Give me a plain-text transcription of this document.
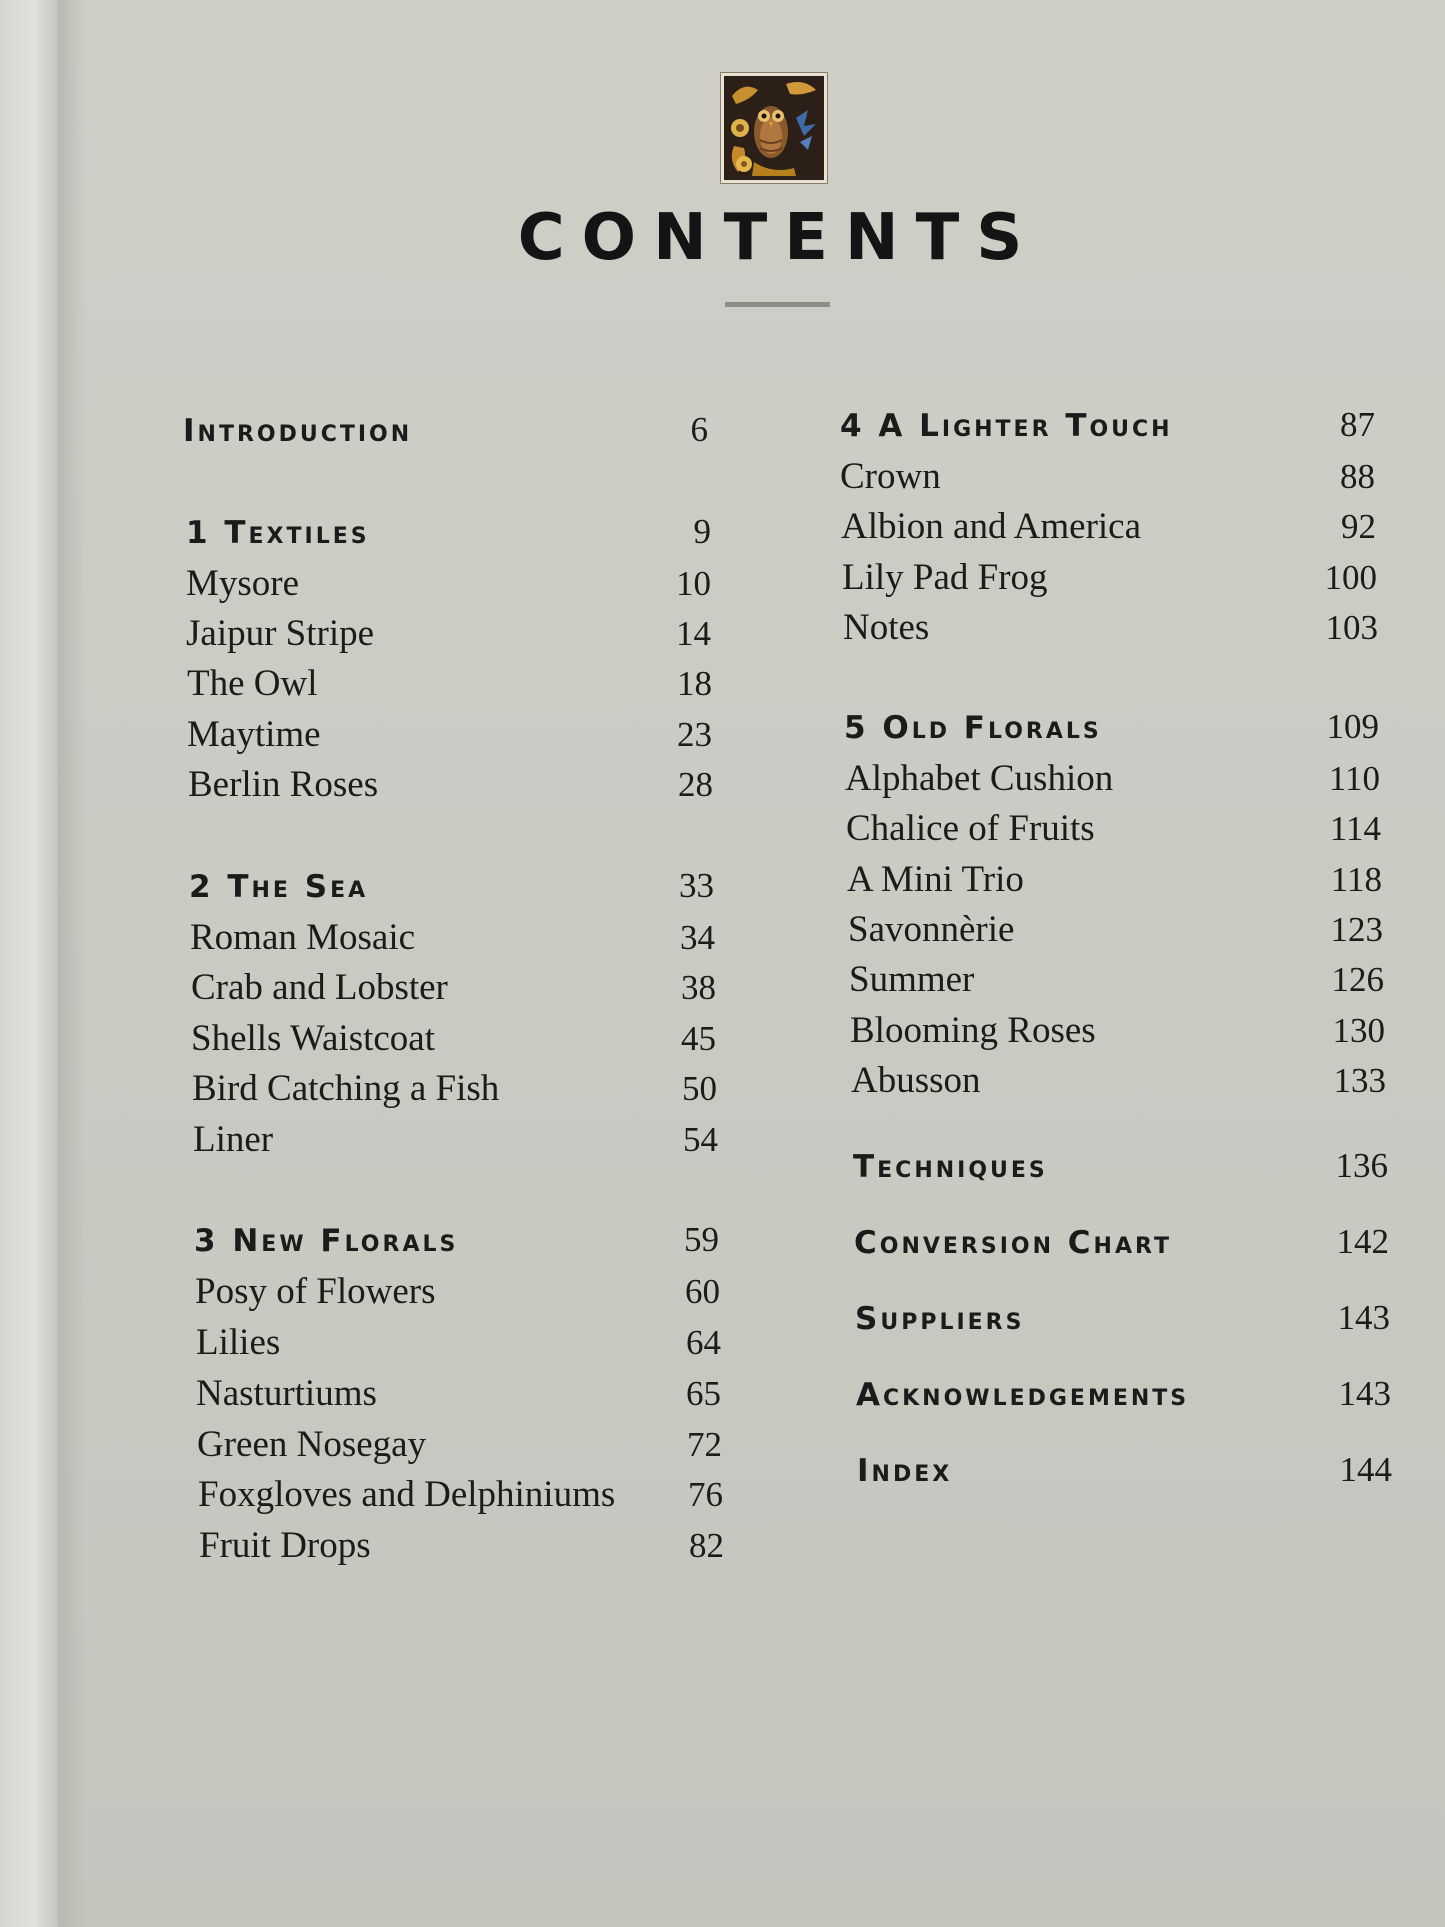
CONTENTS
Introduction	6
1 Textiles	9
Mysore	10
Jaipur Stripe	14
The Owl	18
Maytime	23
Berlin Roses	28
2 The Sea	33
Roman Mosaic	34
Crab and Lobster	38
Shells Waistcoat	45
Bird Catching a Fish	50
Liner	54
3 New Florals	59
Posy of Flowers	60
Lilies	64
Nasturtiums	65
Green Nosegay	72
Foxgloves and Delphiniums 76
Fruit Drops	82
4 A Lighter Touch	87
Crown	88
Albion and America	92
Lily Pad Frog	100
Notes	103
5 Old Florals	109
Alphabet Cushion	110
Chalice of Fruits	114
A Mini Trio	118
Savonnèrie	123
Summer	126
Blooming Roses	130
Abusson	133
Techniques	136
Conversion Chart	142
Suppliers	143
Acknowledgements	143
Index	144
